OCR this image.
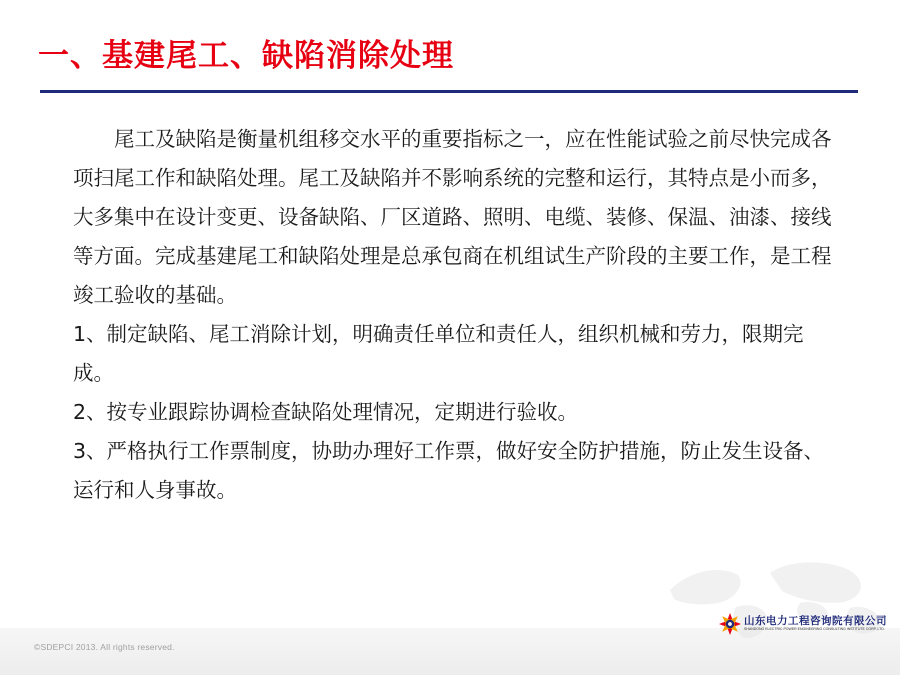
一、基建尾工、缺陷消除处理

尾工及缺陷是衡量机组移交水平的重要指标之一，应在性能试验之前尽快完成各项扫尾工作和缺陷处理。尾工及缺陷并不影响系统的完整和运行，其特点是小而多，大多集中在设计变更、设备缺陷、厂区道路、照明、电缆、装修、保温、油漆、接线等方面。完成基建尾工和缺陷处理是总承包商在机组试生产阶段的主要工作，是工程竣工验收的基础。

1、制定缺陷、尾工消除计划，明确责任单位和责任人，组织机械和劳力，限期完成。

2、按专业跟踪协调检查缺陷处理情况，定期进行验收。

3、严格执行工作票制度，协助办理好工作票，做好安全防护措施，防止发生设备、运行和人身事故。

©SDEPCI 2013. All rights reserved.
山东电力工程咨询院有限公司
SHANDONG ELECTRIC POWER ENGINEERING CONSULTING INSTITUTE CORP.,LTD.
